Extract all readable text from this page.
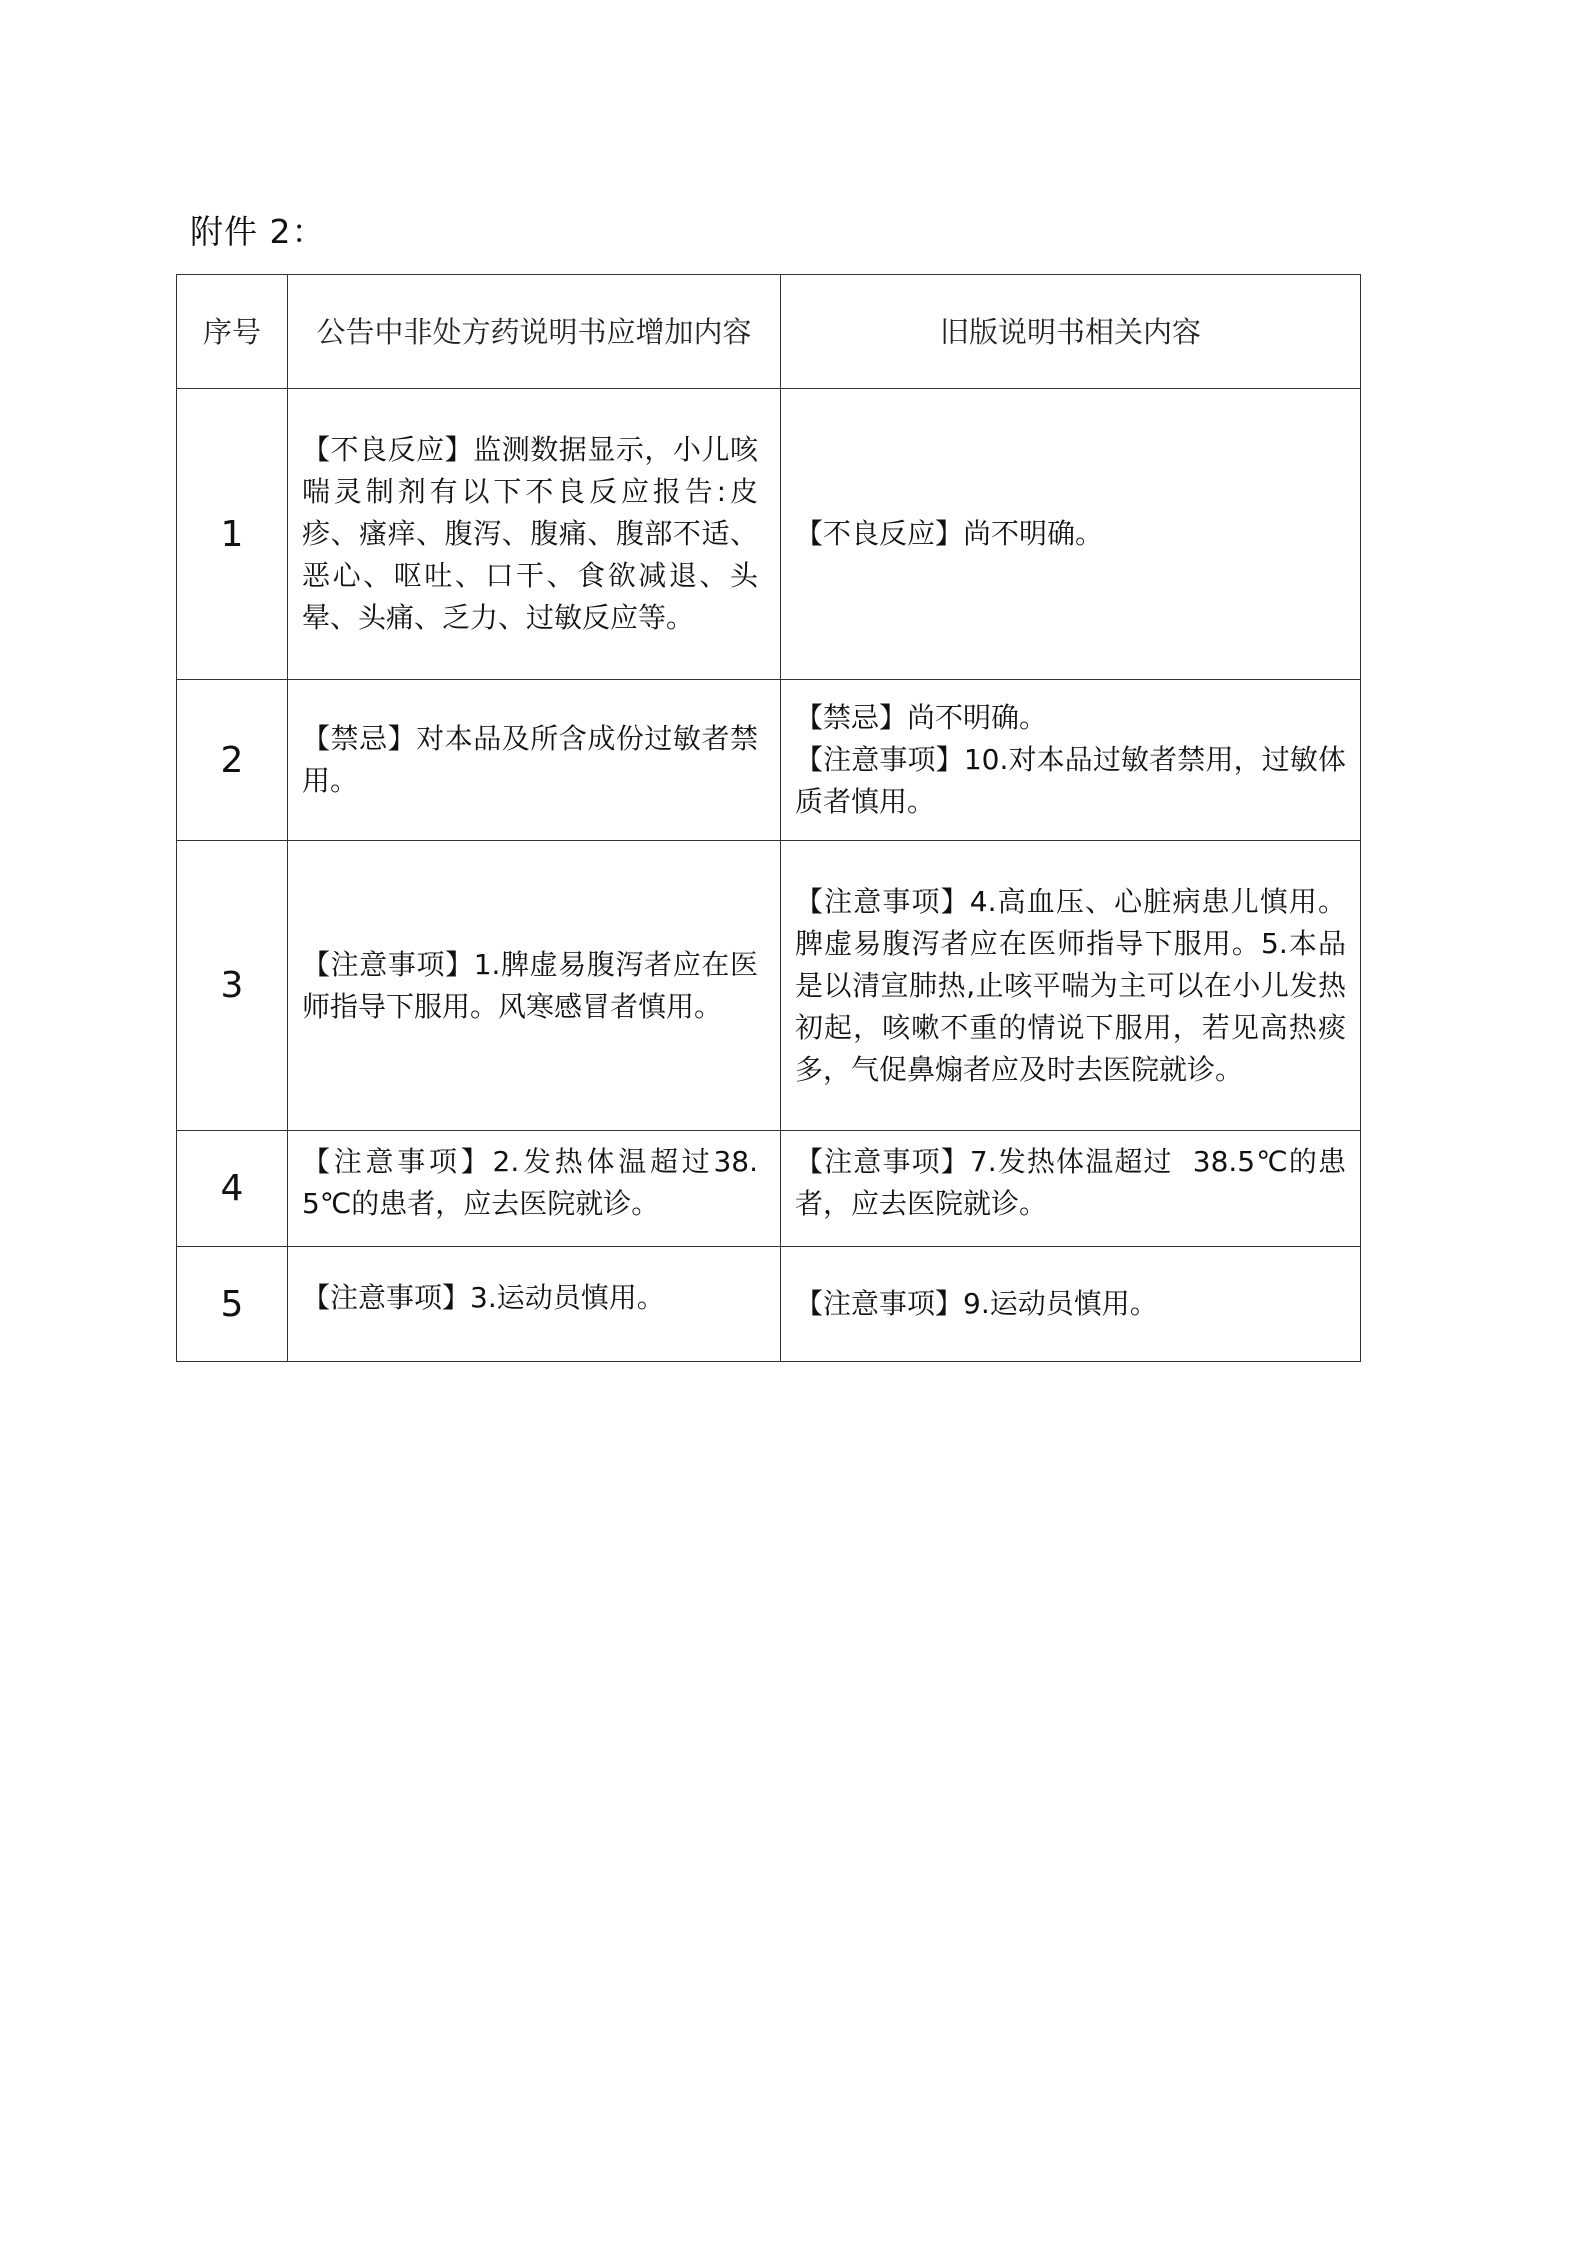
附件 2：
序号	公告中非处方药说明书应增加内容	旧版说明书相关内容
1	【不良反应】监测数据显示，小儿咳喘灵制剂有以下不良反应报告:皮疹、瘙痒、腹泻、腹痛、腹部不适、恶心、呕吐、口干、食欲减退、头晕、头痛、乏力、过敏反应等。	【不良反应】尚不明确。

2	【禁忌】对本品及所含成份过敏者禁用。	【禁忌】尚不明确。
【注意事项】10.对本品过敏者禁用，过敏体质者慎用。

3	【注意事项】1.脾虚易腹泻者应在医师指导下服用。风寒感冒者慎用。	【注意事项】4.高血压、心脏病患儿慎用。脾虚易腹泻者应在医师指导下服用。5.本品是以清宣肺热,止咳平喘为主可以在小儿发热初起，咳嗽不重的情说下服用，若见高热痰多，气促鼻煽者应及时去医院就诊。

4	【注意事项】2.发热体温超过38.5℃的患者，应去医院就诊。	【注意事项】7.发热体温超过  38.5℃的患者，应去医院就诊。

5	【注意事项】3.运动员慎用。	【注意事项】9.运动员慎用。
